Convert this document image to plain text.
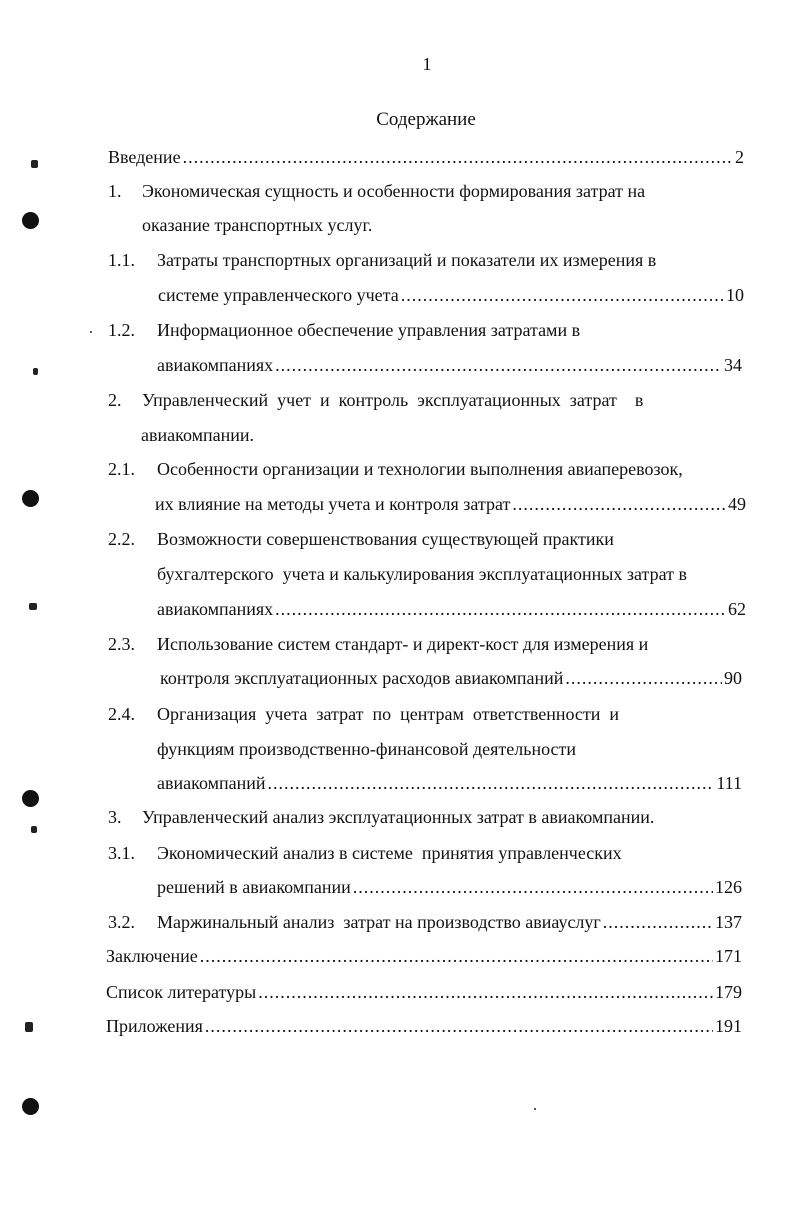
1
Содержание
Введение .....	2
1.	Экономическая сущность и особенности формирования затрат на
оказание транспортных услуг.
1.1.	Затраты транспортных организаций и показатели их измерения в
системе управленческого учета .....	10
1.2.	Информационное обеспечение управления затратами в
авиакомпаниях .....	34
2.	Управленческий  учет  и  контроль  эксплуатационных  затрат    в
авиакомпании.
2.1.	Особенности организации и технологии выполнения авиаперевозок,
их влияние на методы учета и контроля затрат .....	49
2.2.	Возможности совершенствования существующей практики
бухгалтерского  учета и калькулирования эксплуатационных затрат в
авиакомпаниях .....	62
2.3.	Использование систем стандарт- и директ-кост для измерения и
контроля эксплуатационных расходов авиакомпаний .....	90
2.4.	Организация  учета  затрат  по  центрам  ответственности  и
функциям производственно-финансовой деятельности
авиакомпаний .....	111
3.	Управленческий анализ эксплуатационных затрат в авиакомпании.
3.1.	Экономический анализ в системе  принятия управленческих
решений в авиакомпании .....	126
3.2.	Маржинальный анализ  затрат на производство авиауслуг .....	137
Заключение .....	171
Список литературы .....	179
Приложения .....	191
